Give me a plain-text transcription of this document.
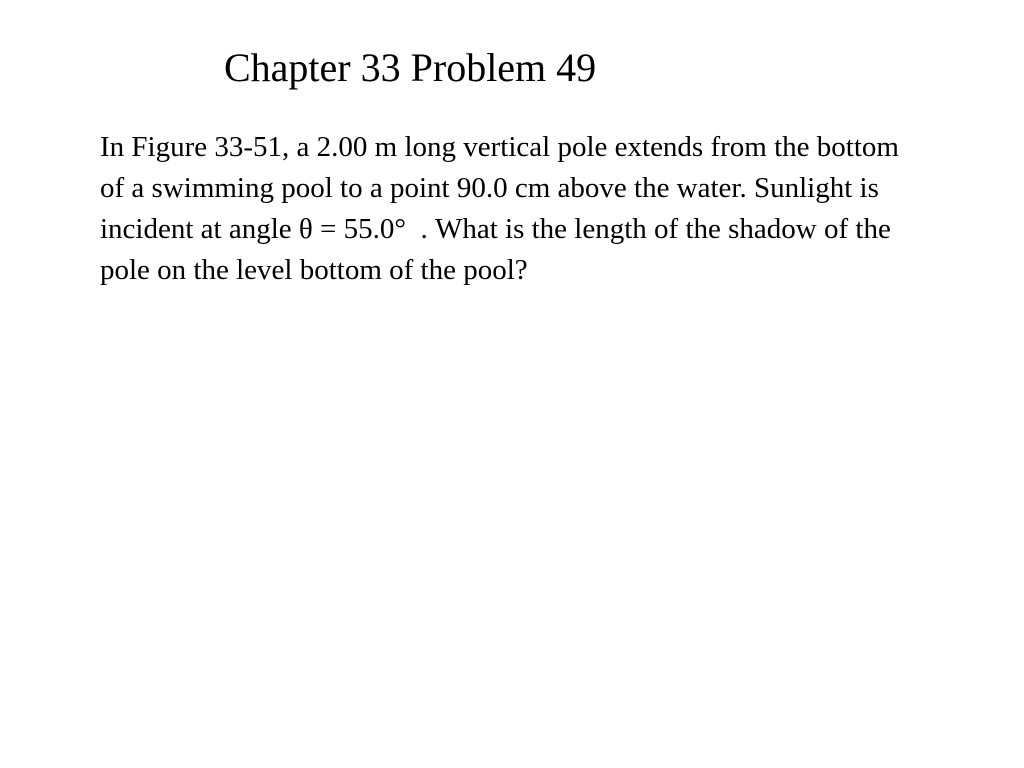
Chapter 33 Problem 49

In Figure 33-51, a 2.00 m long vertical pole extends from the bottom of a swimming pool to a point 90.0 cm above the water. Sunlight is incident at angle θ = 55.0°  . What is the length of the shadow of the pole on the level bottom of the pool?
